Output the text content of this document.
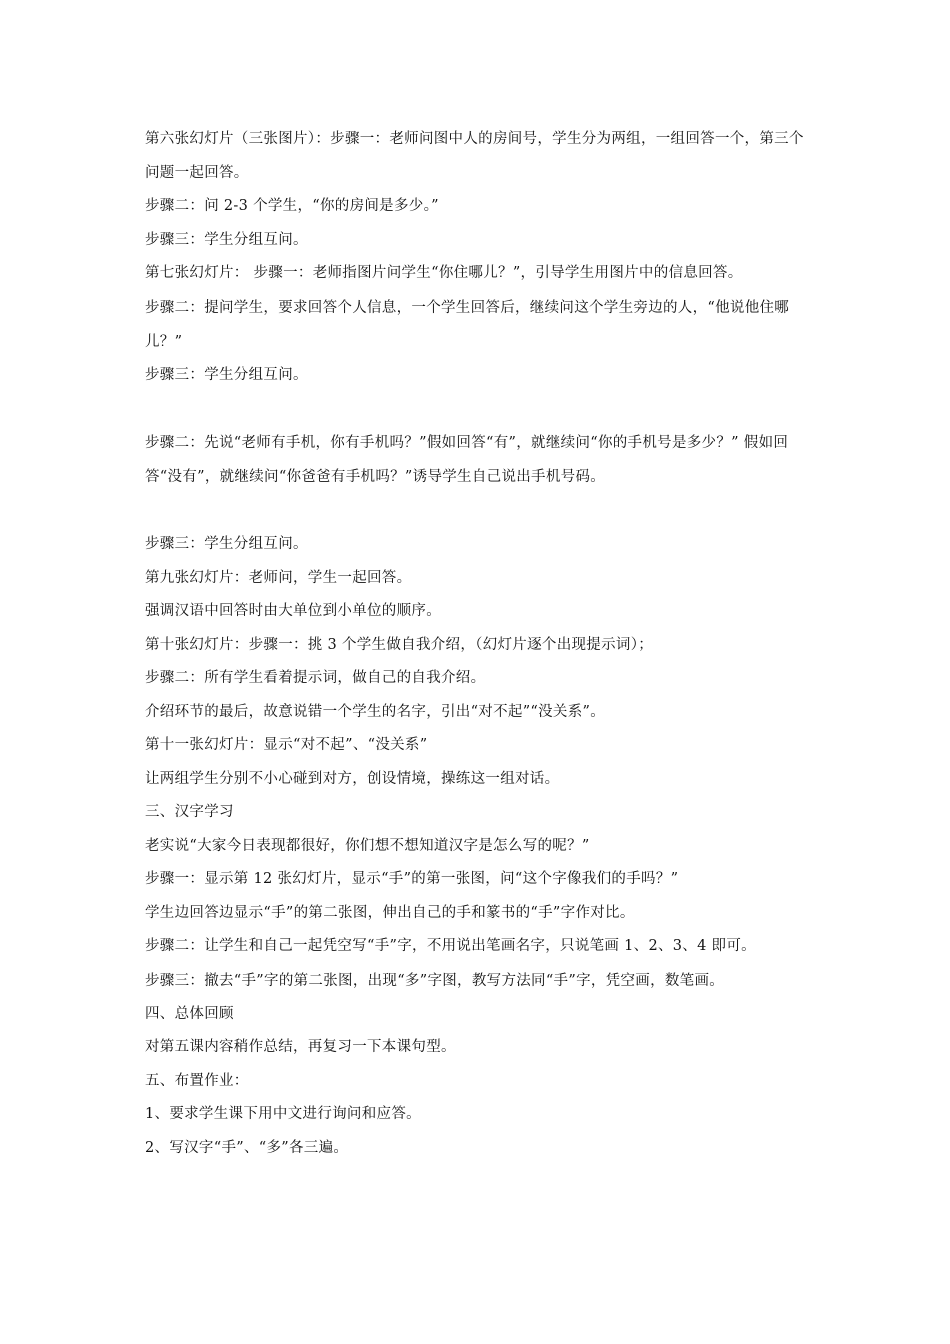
第六张幻灯片（三张图片）：步骤一：老师问图中人的房间号，学生分为两组，一组回答一个，第三个问题一起回答。

步骤二：问 2-3 个学生，“你的房间是多少。”

步骤三：学生分组互问。

第七张幻灯片： 步骤一：老师指图片问学生“你住哪儿？”，引导学生用图片中的信息回答。

步骤二：提问学生，要求回答个人信息，一个学生回答后，继续问这个学生旁边的人，“他说他住哪儿？”

步骤三：学生分组互问。

步骤二：先说“老师有手机，你有手机吗？”假如回答“有”，就继续问“你的手机号是多少？” 假如回答“没有”，就继续问“你爸爸有手机吗？”诱导学生自己说出手机号码。

步骤三：学生分组互问。

第九张幻灯片：老师问，学生一起回答。

强调汉语中回答时由大单位到小单位的顺序。

第十张幻灯片：步骤一：挑 3 个学生做自我介绍，（幻灯片逐个出现提示词）；

步骤二：所有学生看着提示词，做自己的自我介绍。

介绍环节的最后，故意说错一个学生的名字，引出“对不起”“没关系”。

第十一张幻灯片：显示“对不起”、“没关系”

让两组学生分别不小心碰到对方，创设情境，操练这一组对话。

三、汉字学习

老实说“大家今日表现都很好，你们想不想知道汉字是怎么写的呢？”

步骤一：显示第 12 张幻灯片，显示“手”的第一张图，问“这个字像我们的手吗？”

学生边回答边显示“手”的第二张图，伸出自己的手和篆书的“手”字作对比。

步骤二：让学生和自己一起凭空写“手”字，不用说出笔画名字，只说笔画 1、2、3、4 即可。

步骤三：撤去“手”字的第二张图，出现“多”字图，教写方法同“手”字，凭空画，数笔画。

四、总体回顾

对第五课内容稍作总结，再复习一下本课句型。

五、布置作业：

1、要求学生课下用中文进行询问和应答。

2、写汉字“手”、“多”各三遍。
